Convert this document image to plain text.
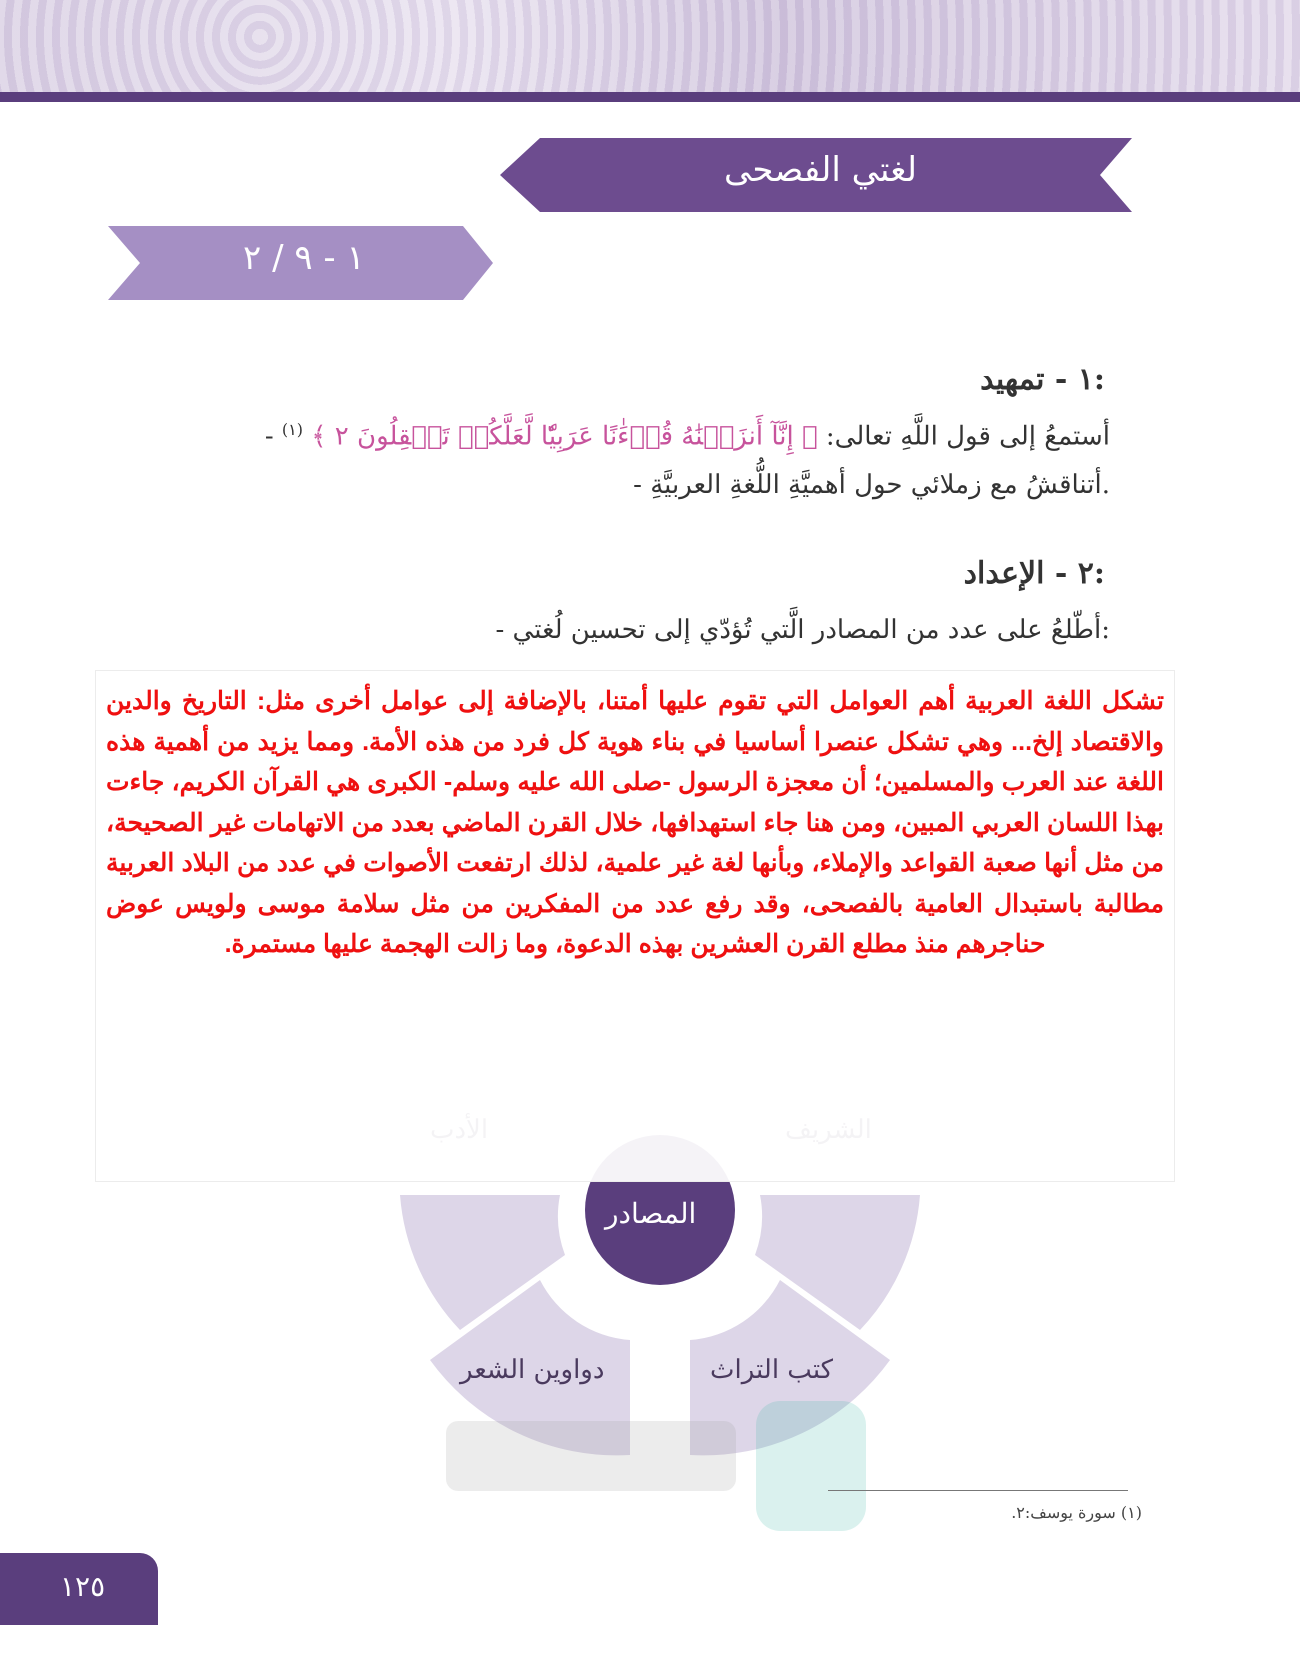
لغتي الفصحى
١ - ٩ / ٢
١ - تمهيد:
- أستمعُ إلى قول اللَّهِ تعالى: ﴿ إِنَّآ أَنزَلۡنَٰهُ قُرۡءَٰنًا عَرَبِيّٗا لَّعَلَّكُمۡ تَعۡقِلُونَ ٢ ﴾ $^{(١)}$
- أتناقشُ مع زملائي حول أهميَّةِ اللُّغةِ العربيَّةِ.
٢ - الإعداد:
- أطّلعُ على عدد من المصادر الَّتي تُؤدّي إلى تحسين لُغتي:
دواوين الشعر	كتب التراث
المصادر
تشكل اللغة العربية أهم العوامل التي تقوم عليها أمتنا، بالإضافة إلى عوامل أخرى مثل: التاريخ والدين والاقتصاد إلخ... وهي تشكل عنصرا أساسيا في بناء هوية كل فرد من هذه الأمة. ومما يزيد من أهمية هذه اللغة عند العرب والمسلمين؛ أن معجزة الرسول -صلى الله عليه وسلم- الكبرى هي القرآن الكريم، جاءت بهذا اللسان العربي المبين، ومن هنا جاء استهدافها، خلال القرن الماضي بعدد من الاتهامات غير الصحيحة، من مثل أنها صعبة القواعد والإملاء، وبأنها لغة غير علمية، لذلك ارتفعت الأصوات في عدد من البلاد العربية مطالبة باستبدال العامية بالفصحى، وقد رفع عدد من المفكرين من مثل سلامة موسى ولويس عوض حناجرهم منذ مطلع القرن العشرين بهذه الدعوة، وما زالت الهجمة عليها مستمرة.
(١) سورة يوسف:٢.
١٢٥
